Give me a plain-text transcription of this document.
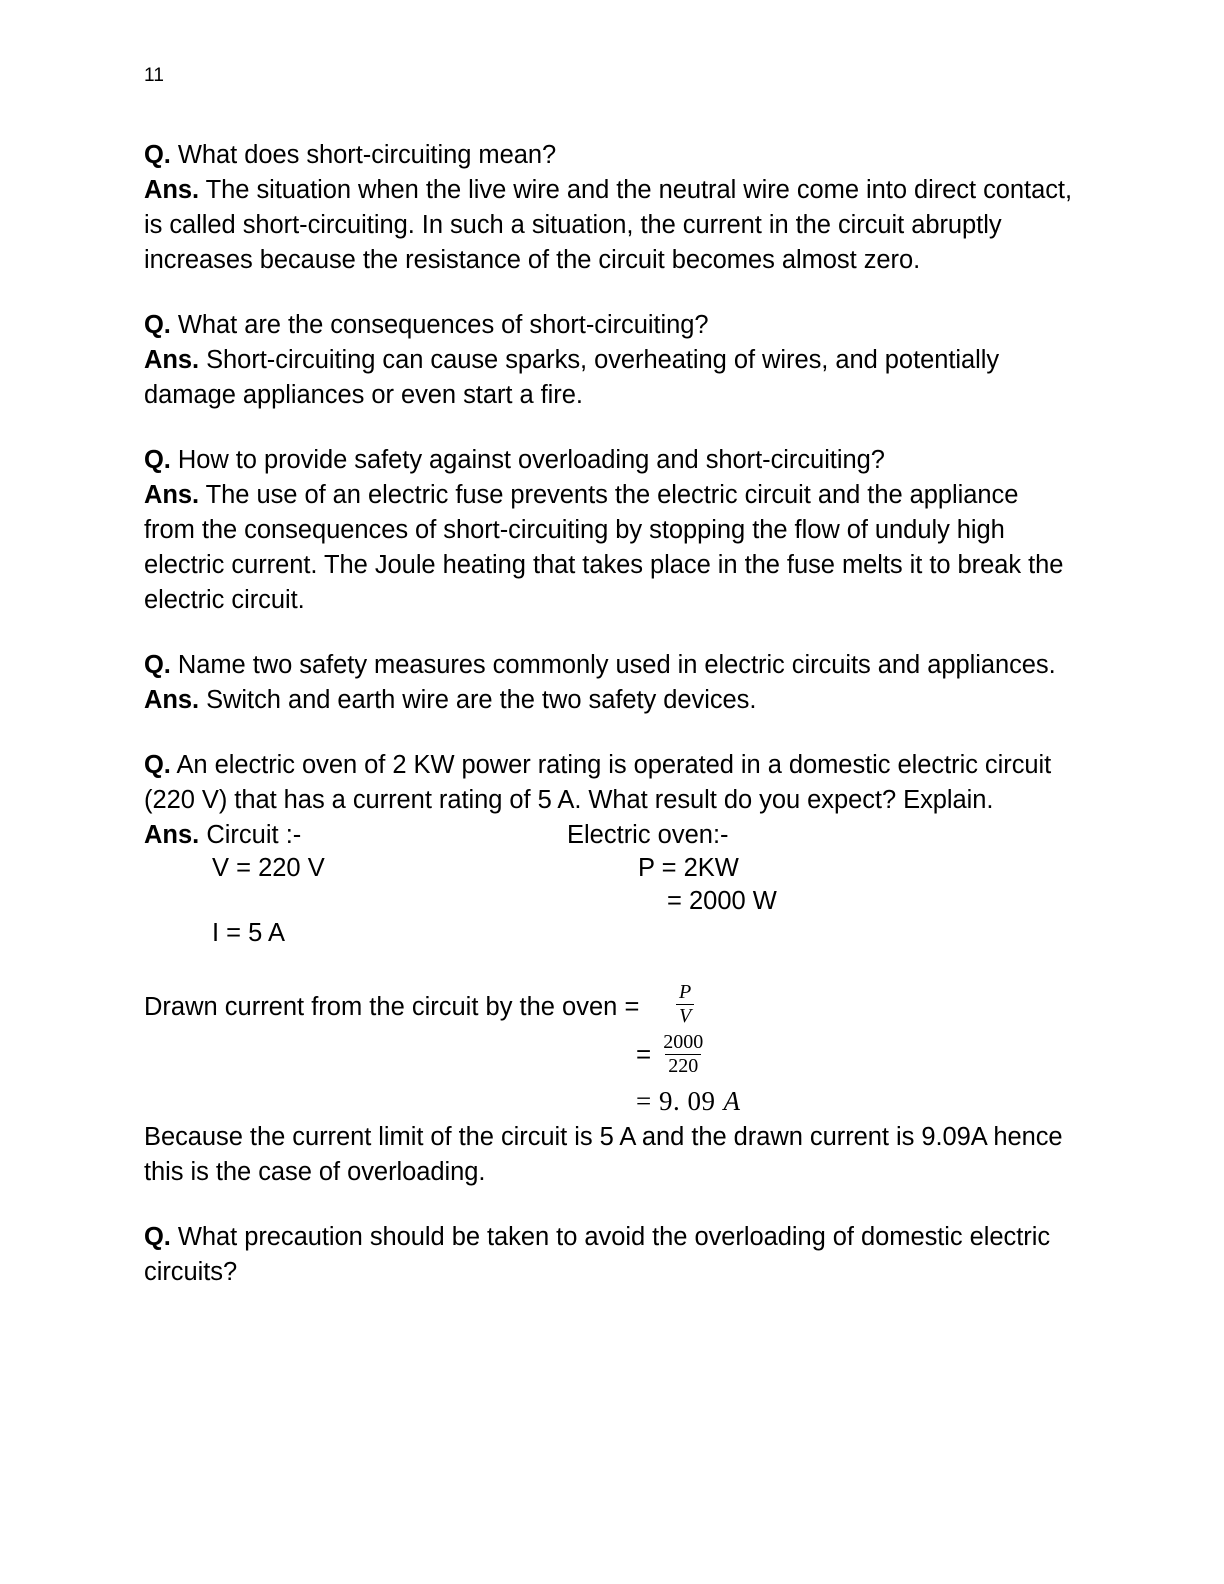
11
Q. What does short-circuiting mean?
Ans. The situation when the live wire and the neutral wire come into direct contact, is called short-circuiting. In such a situation, the current in the circuit abruptly increases because the resistance of the circuit becomes almost zero.
Q. What are the consequences of short-circuiting?
Ans. Short-circuiting can cause sparks, overheating of wires, and potentially damage appliances or even start a fire.
Q. How to provide safety against overloading and short-circuiting?
Ans. The use of an electric fuse prevents the electric circuit and the appliance from the consequences of short-circuiting by stopping the flow of unduly high electric current. The Joule heating that takes place in the fuse melts it to break the electric circuit.
Q. Name two safety measures commonly used in electric circuits and appliances.
Ans. Switch and earth wire are the two safety devices.
Q. An electric oven of 2 KW power rating is operated in a domestic electric circuit (220 V) that has a current rating of 5 A. What result do you expect? Explain.
Ans. Circuit :-
V = 220 V
I = 5 A
Electric oven:-
P = 2KW
= 2000 W
Drawn current from the circuit by the oven = $\frac{P}{V}$
= $\frac{2000}{220}$
= 9. 09 A
Because the current limit of the circuit is 5 A and the drawn current is 9.09A hence this is the case of overloading.
Q. What precaution should be taken to avoid the overloading of domestic electric circuits?
